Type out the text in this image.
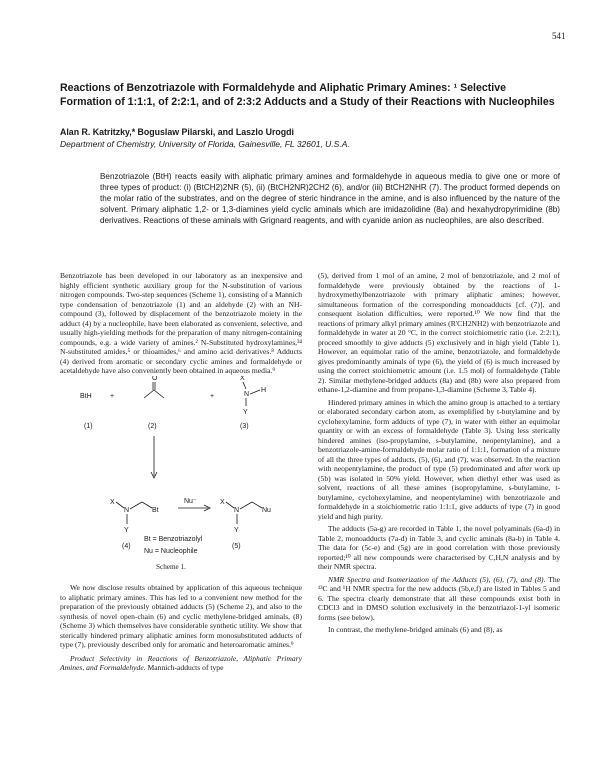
541
Reactions of Benzotriazole with Formaldehyde and Aliphatic Primary Amines: ¹ Selective Formation of 1:1:1, of 2:2:1, and of 2:3:2 Adducts and a Study of their Reactions with Nucleophiles
Alan R. Katritzky,* Boguslaw Pilarski, and Laszlo Urogdi
Department of Chemistry, University of Florida, Gainesville, FL 32601, U.S.A.
Benzotriazole (BtH) reacts easily with aliphatic primary amines and formaldehyde in aqueous media to give one or more of three types of product: (i) (BtCH2)2NR (5), (ii) (BtCH2NR)2CH2 (6), and/or (iii) BtCH2NHR (7). The product formed depends on the molar ratio of the substrates, and on the degree of steric hindrance in the amine, and is also influenced by the nature of the solvent. Primary aliphatic 1,2- or 1,3-diamines yield cyclic aminals which are imidazolidine (8a) and hexahydropyrimidine (8b) derivatives. Reactions of these aminals with Grignard reagents, and with cyanide anion as nucleophiles, are also described.

Benzotriazole has been developed in our laboratory as an inexpensive and highly efficient synthetic auxiliary group for the N-substitution of various nitrogen compounds. Two-step sequences (Scheme 1), consisting of a Mannich type condensation of benzotriazole (1) and an aldehyde (2) with an NH-compound (3), followed by displacement of the benzotriazole moiety in the adduct (4) by a nucleophile, have been elaborated as convenient, selective, and usually high-yielding methods for the preparation of many nitrogen-containing compounds, e.g. a wide variety of amines.² N-Substituted hydroxylamines,³⁴ N-substituted amides,⁵ or thioamides,⁶ and amino acid derivatives.⁸ Adducts (4) derived from aromatic or secondary cyclic amines and formaldehyde or acetaldehyde have also conveniently been obtained in aqueous media.⁹

BtH	+
O
+
X
N
H
Y
(1)	(2)	(3)
X
N	Bt
Y
Nu⁻	X
N	Nu
Y
(4)	(5)
Bt = Benzotriazolyl
Nu = Nucleophile
Scheme 1.

We now disclose results obtained by application of this aqueous technique to aliphatic primary amines. This has led to a convenient new method for the preparation of the previously obtained adducts (5) (Scheme 2), and also to the synthesis of novel open-chain (6) and cyclic methylene-bridged aminals, (8) (Scheme 3) which themselves have considerable synthetic utility. We show that sterically hindered primary aliphatic amines form monosubstituted adducts of type (7), previously described only for aromatic and heteroaromatic amines.⁹

Product Selectivity in Reactions of Benzotriazole, Aliphatic Primary Amines, and Formaldehyde. Mannich-adducts of type

(5), derived from 1 mol of an amine, 2 mol of benzotriazole, and 2 mol of formaldehyde were previously obtained by the reactions of 1-hydroxymethylbenzotriazole with primary aliphatic amines; however, simultaneous formation of the corresponding monoadducts [cf. (7)], and consequent isolation difficulties, were reported.¹⁰ We now find that the reactions of primary alkyl primary amines (R'CH2NH2) with benzotriazole and formaldehyde in water at 20 °C, in the correct stoichiometric ratio (i.e. 2:2:1), proceed smoothly to give adducts (5) exclusively and in high yield (Table 1). However, an equimolar ratio of the amine, benzotriazole, and formaldehyde gives predominantly aminals of type (6), the yield of (6) is much increased by using the correct stoichiometric amount (i.e. 1.5 mol) of formaldehyde (Table 2). Similar methylene-bridged adducts (8a) and (8b) were also prepared from ethane-1,2-diamine and from propane-1,3-diamine (Scheme 3, Table 4).

Hindered primary amines in which the amino group is attached to a tertiary or elaborated secondary carbon atom, as exemplified by t-butylamine and by cyclohexylamine, form adducts of type (7), in water with either an equimolar quantity or with an excess of formaldehyde (Table 3). Using less sterically hindered amines (iso-propylamine, s-butylamine, neopentylamine), and a benzotriazole-amine-formaldehyde molar ratio of 1:1:1, formation of a mixture of all the three types of adducts, (5), (6), and (7), was observed. In the reaction with neopentylamine, the product of type (5) predominated and after work up (5b) was isolated in 50% yield. However, when diethyl ether was used as solvent, reactions of all these amines (isopropylamine, s-butylamine, t-butylamine, cyclohexylamine, and neopentylamine) with benzotriazole and formaldehyde in a stoichiometric ratio 1:1:1, give adducts of type (7) in good yield and high purity.

The adducts (5a-g) are recorded in Table 1, the novel polyaminals (6a-d) in Table 2, monoadducts (7a-d) in Table 3, and cyclic aminals (8a-b) in Table 4. The data for (5c-e) and (5g) are in good correlation with those previously reported;¹⁰ all new compounds were characterised by C,H,N analysis and by their NMR spectra.

NMR Spectra and Isomerization of the Adducts (5), (6), (7), and (8). The ¹³C and ¹H NMR spectra for the new adducts (5b,e,f) are listed in Tables 5 and 6. The spectra clearly demonstrate that all these compounds exist both in CDCl3 and in DMSO solution exclusively in the benzotriazol-1-yl isomeric forms (see below).

In contrast, the methylene-bridged aminals (6) and (8), as
